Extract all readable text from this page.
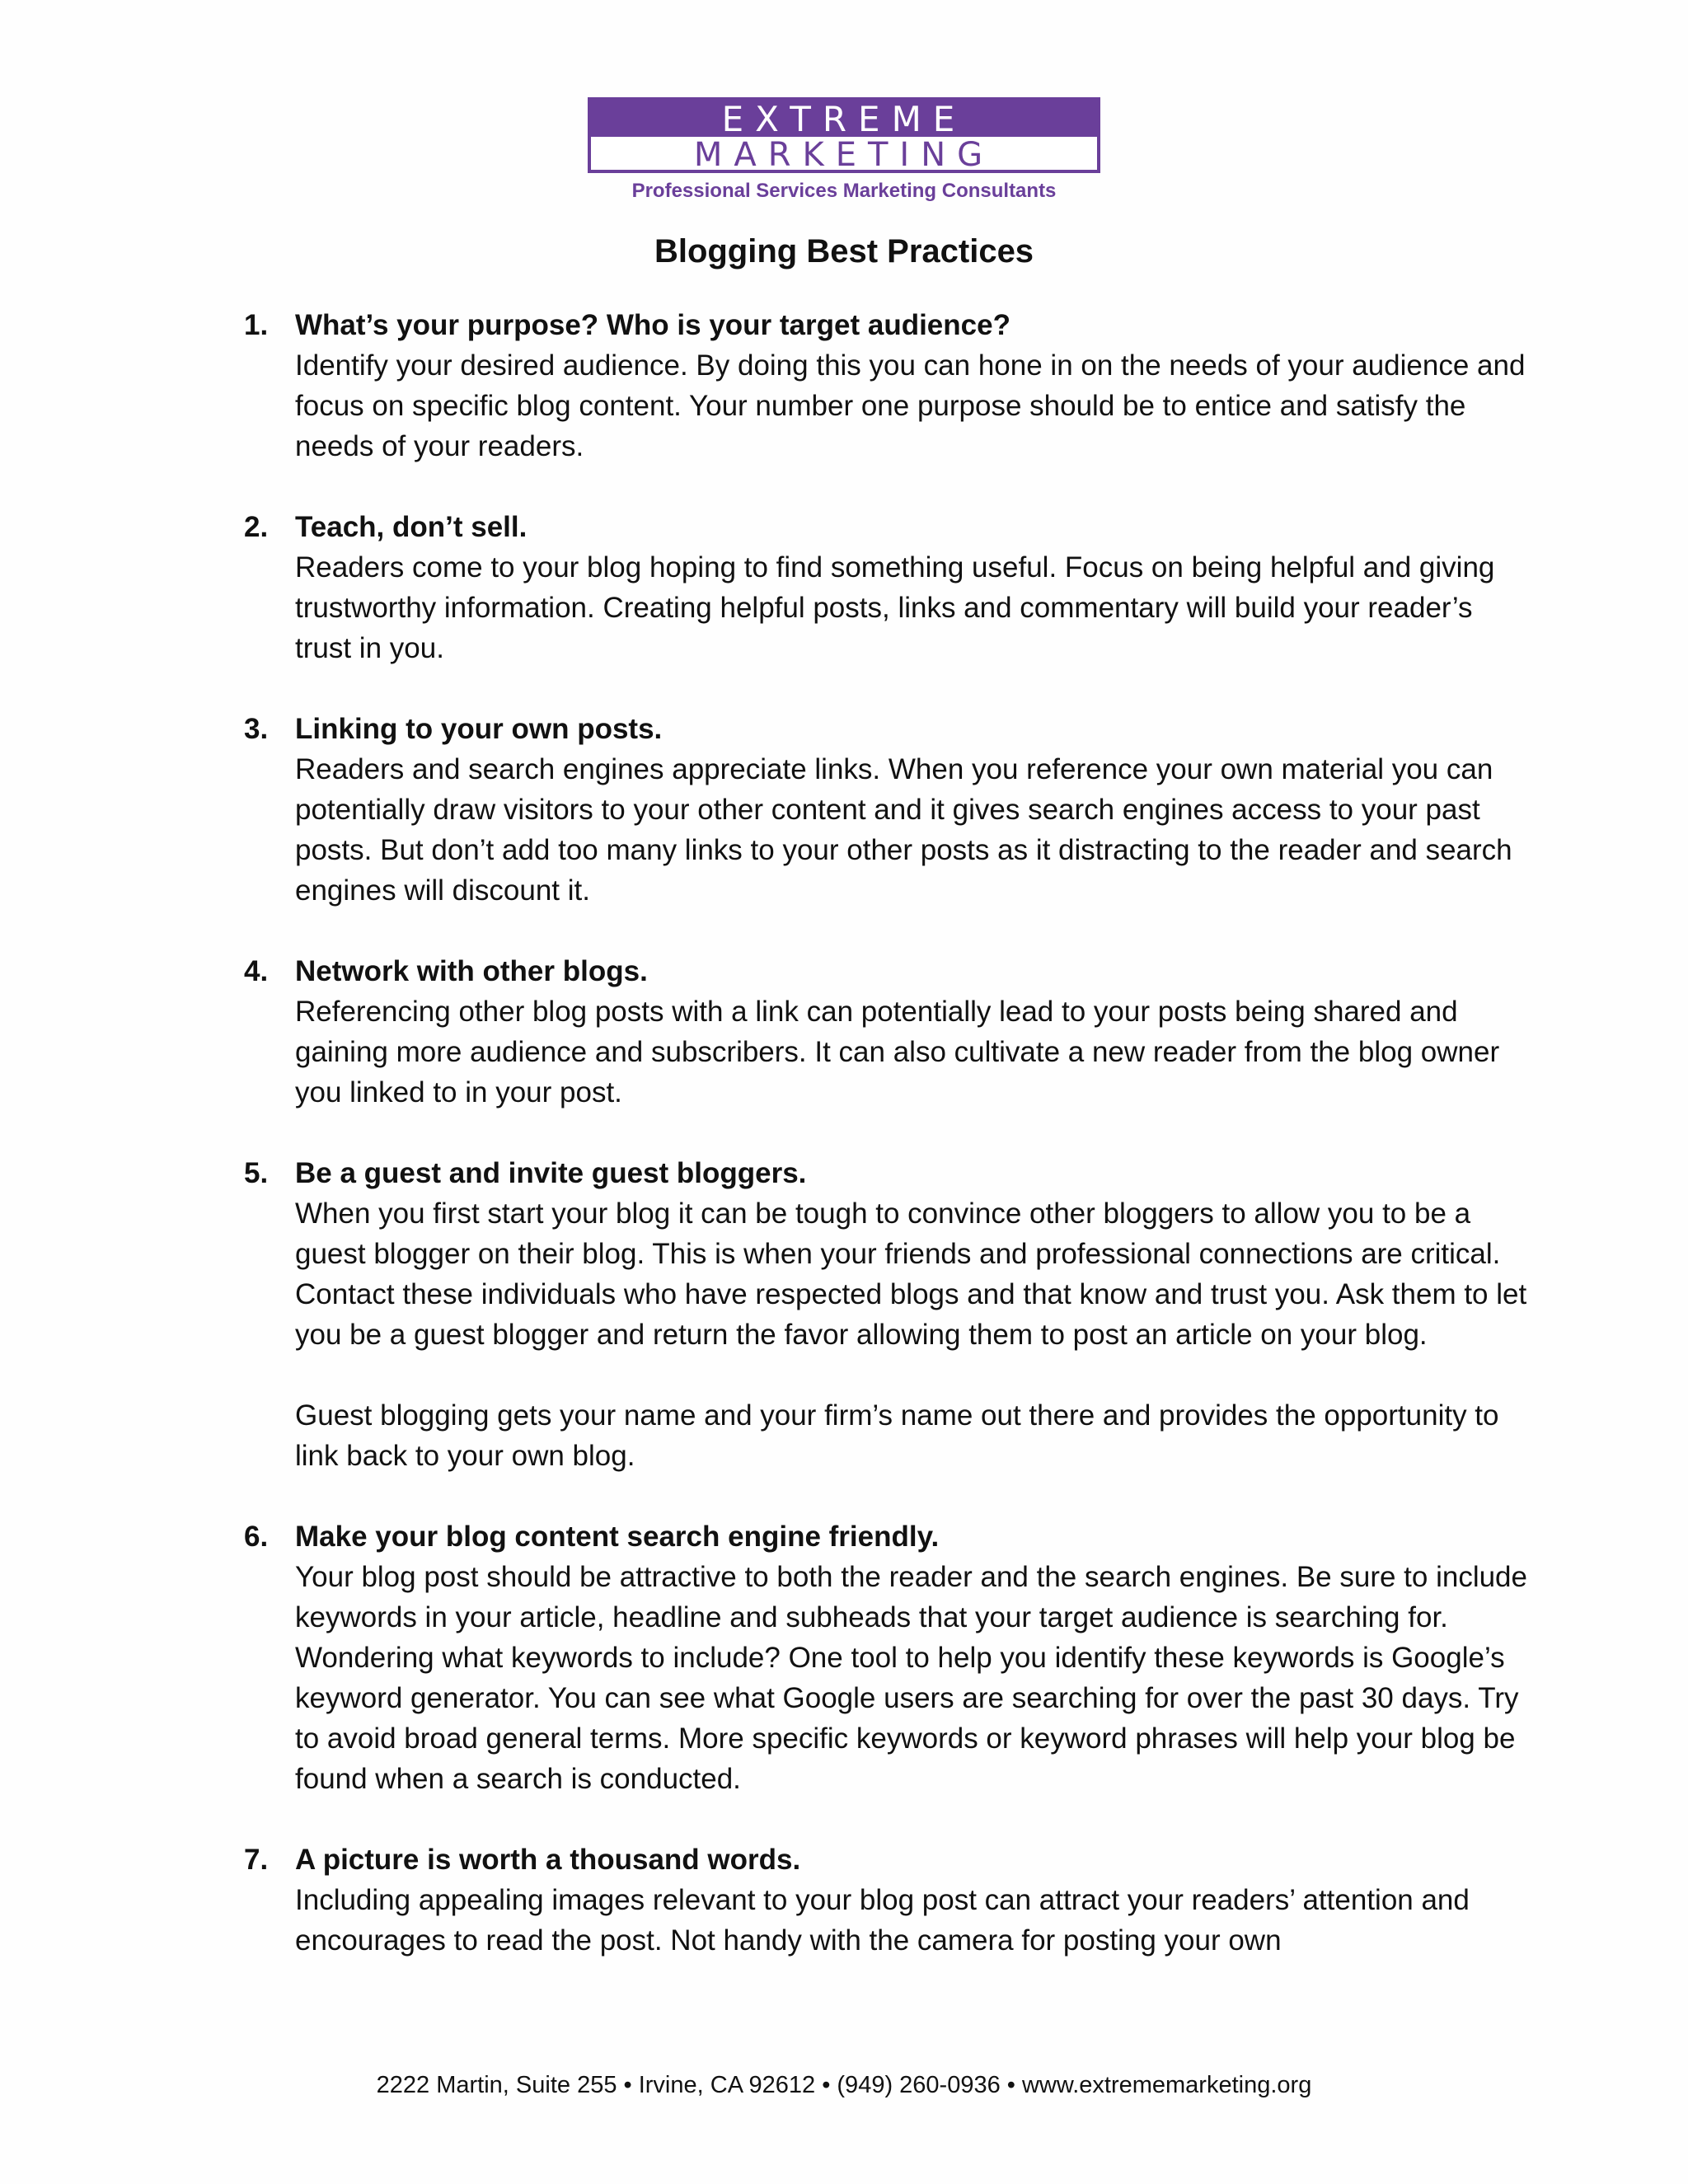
EXTREME
MARKETING
Professional Services Marketing Consultants
Blogging Best Practices
1. What’s your purpose? Who is your target audience?
Identify your desired audience. By doing this you can hone in on the needs of your audience and focus on specific blog content. Your number one purpose should be to entice and satisfy the needs of your readers.
2. Teach, don’t sell.
Readers come to your blog hoping to find something useful. Focus on being helpful and giving trustworthy information. Creating helpful posts, links and commentary will build your reader’s trust in you.
3. Linking to your own posts.
Readers and search engines appreciate links. When you reference your own material you can potentially draw visitors to your other content and it gives search engines access to your past posts. But don’t add too many links to your other posts as it distracting to the reader and search engines will discount it.
4. Network with other blogs.
Referencing other blog posts with a link can potentially lead to your posts being shared and gaining more audience and subscribers. It can also cultivate a new reader from the blog owner you linked to in your post.
5. Be a guest and invite guest bloggers.
When you first start your blog it can be tough to convince other bloggers to allow you to be a guest blogger on their blog. This is when your friends and professional connections are critical. Contact these individuals who have respected blogs and that know and trust you. Ask them to let you be a guest blogger and return the favor allowing them to post an article on your blog.
Guest blogging gets your name and your firm’s name out there and provides the opportunity to link back to your own blog.
6. Make your blog content search engine friendly.
Your blog post should be attractive to both the reader and the search engines. Be sure to include keywords in your article, headline and subheads that your target audience is searching for. Wondering what keywords to include? One tool to help you identify these keywords is Google’s keyword generator. You can see what Google users are searching for over the past 30 days. Try to avoid broad general terms. More specific keywords or keyword phrases will help your blog be found when a search is conducted.
7. A picture is worth a thousand words.
Including appealing images relevant to your blog post can attract your readers’ attention and encourages to read the post. Not handy with the camera for posting your own
2222 Martin, Suite 255 • Irvine, CA 92612 • (949) 260-0936 • www.extrememarketing.org
